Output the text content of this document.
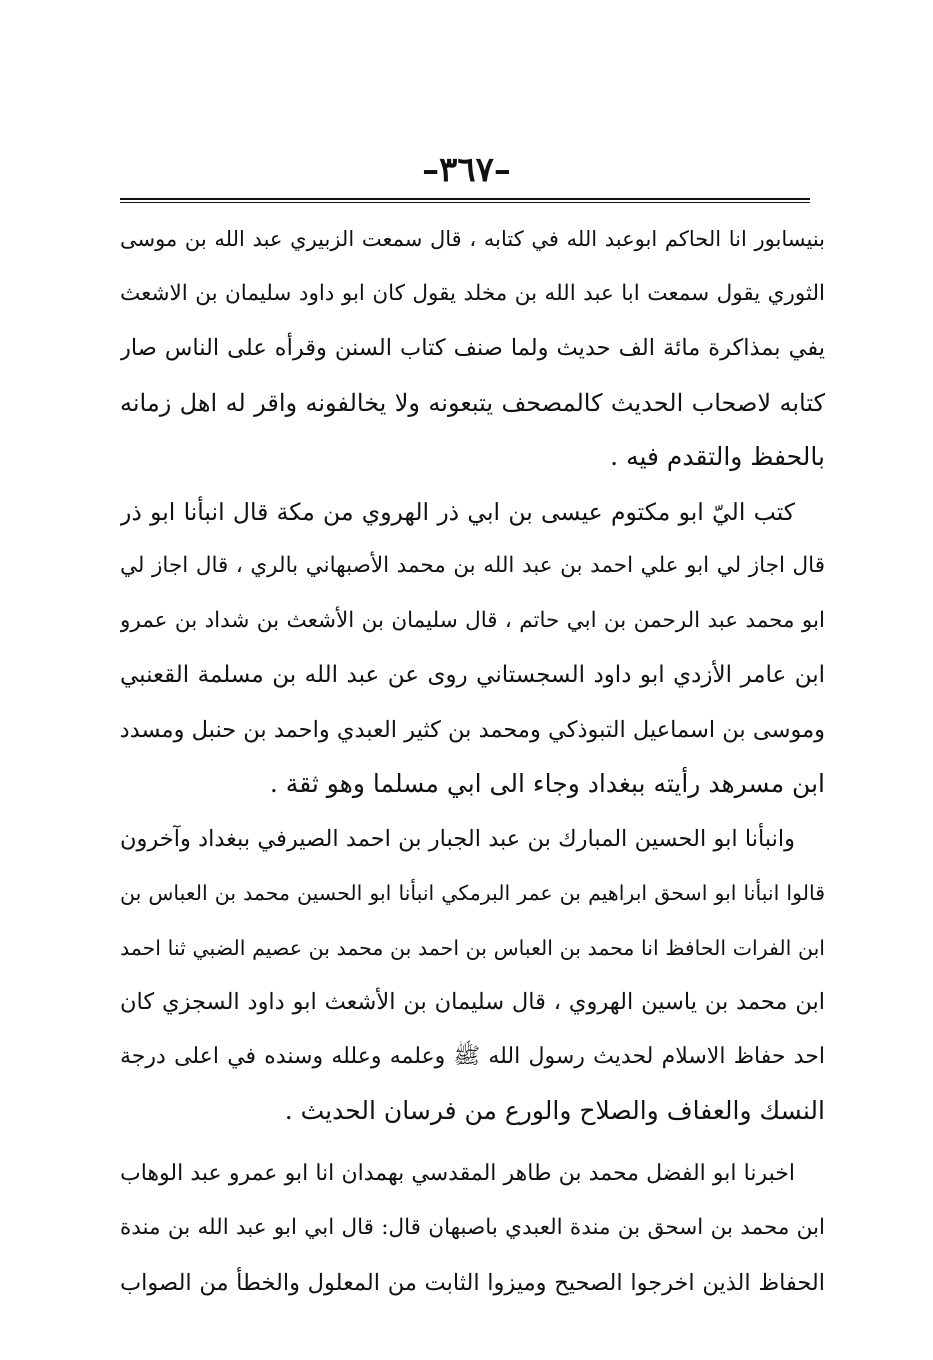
–٣٦٧–

بنيسابور انا الحاكم ابوعبد الله في كتابه ، قال سمعت الزبيري عبد الله بن موسى
الثوري يقول سمعت ابا عبد الله بن مخلد يقول كان ابو داود سليمان بن الاشعث
يفي بمذاكرة مائة الف حديث ولما صنف كتاب السنن وقرأه على الناس صار
كتابه لاصحاب الحديث كالمصحف يتبعونه ولا يخالفونه واقر له اهل زمانه
بالحفظ والتقدم فيه .

كتب اليّ ابو مكتوم عيسى بن ابي ذر الهروي من مكة قال انبأنا ابو ذر
قال اجاز لي ابو علي احمد بن عبد الله بن محمد الأصبهاني بالري ، قال اجاز لي
ابو محمد عبد الرحمن بن ابي حاتم ، قال سليمان بن الأشعث بن شداد بن عمرو
ابن عامر الأزدي ابو داود السجستاني روى عن عبد الله بن مسلمة القعنبي
وموسى بن اسماعيل التبوذكي ومحمد بن كثير العبدي واحمد بن حنبل ومسدد
ابن مسرهد رأيته ببغداد وجاء الى ابي مسلما وهو ثقة .

وانبأنا ابو الحسين المبارك بن عبد الجبار بن احمد الصيرفي ببغداد وآخرون
قالوا انبأنا ابو اسحق ابراهيم بن عمر البرمكي انبأنا ابو الحسين محمد بن العباس بن
ابن الفرات الحافظ انا محمد بن العباس بن احمد بن محمد بن عصيم الضبي ثنا احمد
ابن محمد بن ياسين الهروي ، قال سليمان بن الأشعث ابو داود السجزي كان
احد حفاظ الاسلام لحديث رسول الله ﷺ وعلمه وعلله وسنده في اعلى درجة
النسك والعفاف والصلاح والورع من فرسان الحديث .

اخبرنا ابو الفضل محمد بن طاهر المقدسي بهمدان انا ابو عمرو عبد الوهاب
ابن محمد بن اسحق بن مندة العبدي باصبهان قال: قال ابي ابو عبد الله بن مندة
الحفاظ الذين اخرجوا الصحيح وميزوا الثابت من المعلول والخطأ من الصواب
